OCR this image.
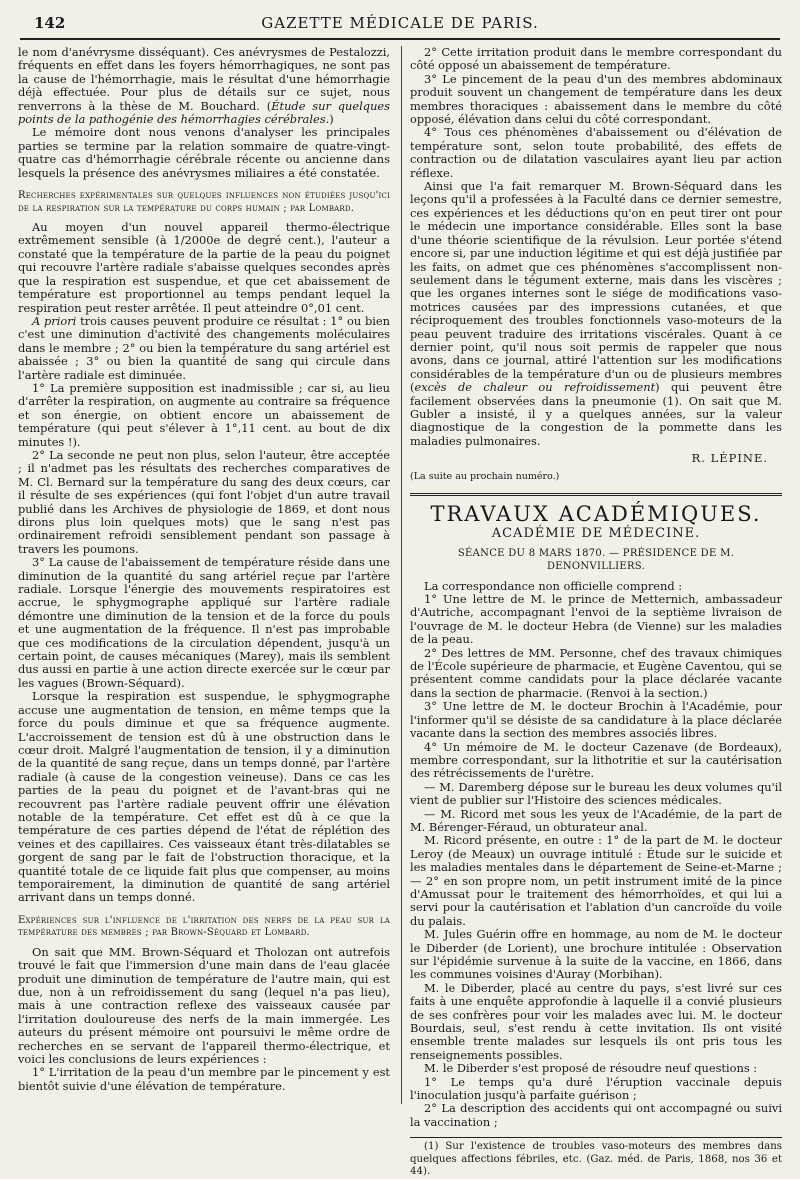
142	GAZETTE MÉDICALE DE PARIS.

le nom d'anévrysme disséquant). Ces anévrysmes de Pestalozzi, fréquents en effet dans les foyers hémorrhagiques, ne sont pas la cause de l'hémorrhagie, mais le résultat d'une hémorrhagie déjà effectuée. Pour plus de détails sur ce sujet, nous renverrons à la thèse de M. Bouchard. (Étude sur quelques points de la pathogénie des hémorrhagies cérébrales.)

Le mémoire dont nous venons d'analyser les principales parties se termine par la relation sommaire de quatre-vingt-quatre cas d'hémorrhagie cérébrale récente ou ancienne dans lesquels la présence des anévrysmes miliaires a été constatée.

Recherches expérimentales sur quelques influences non étudiées jusqu'ici de la respiration sur la température du corps humain ; par Lombard.

Au moyen d'un nouvel appareil thermo-électrique extrêmement sensible (à 1/2000e de degré cent.), l'auteur a constaté que la température de la partie de la peau du poignet qui recouvre l'artère radiale s'abaisse quelques secondes après que la respiration est suspendue, et que cet abaissement de température est proportionnel au temps pendant lequel la respiration peut rester arrêtée. Il peut atteindre 0°,01 cent.

A priori trois causes peuvent produire ce résultat : 1° ou bien c'est une diminution d'activité des changements moléculaires dans le membre ; 2° ou bien la température du sang artériel est abaissée ; 3° ou bien la quantité de sang qui circule dans l'artère radiale est diminuée.

1° La première supposition est inadmissible ; car si, au lieu d'arrêter la respiration, on augmente au contraire sa fréquence et son énergie, on obtient encore un abaissement de température (qui peut s'élever à 1°,11 cent. au bout de dix minutes !).

2° La seconde ne peut non plus, selon l'auteur, être acceptée ; il n'admet pas les résultats des recherches comparatives de M. Cl. Bernard sur la température du sang des deux cœurs, car il résulte de ses expériences (qui font l'objet d'un autre travail publié dans les Archives de physiologie de 1869, et dont nous dirons plus loin quelques mots) que le sang n'est pas ordinairement refroidi sensiblement pendant son passage à travers les poumons.

3° La cause de l'abaissement de température réside dans une diminution de la quantité du sang artériel reçue par l'artère radiale. Lorsque l'énergie des mouvements respiratoires est accrue, le sphygmographe appliqué sur l'artère radiale démontre une diminution de la tension et de la force du pouls et une augmentation de la fréquence. Il n'est pas improbable que ces modifications de la circulation dépendent, jusqu'à un certain point, de causes mécaniques (Marey), mais ils semblent dus aussi en partie à une action directe exercée sur le cœur par les vagues (Brown-Séquard).

Lorsque la respiration est suspendue, le sphygmographe accuse une augmentation de tension, en même temps que la force du pouls diminue et que sa fréquence augmente. L'accroissement de tension est dû à une obstruction dans le cœur droit. Malgré l'augmentation de tension, il y a diminution de la quantité de sang reçue, dans un temps donné, par l'artère radiale (à cause de la congestion veineuse). Dans ce cas les parties de la peau du poignet et de l'avant-bras qui ne recouvrent pas l'artère radiale peuvent offrir une élévation notable de la température. Cet effet est dû à ce que la température de ces parties dépend de l'état de réplétion des veines et des capillaires. Ces vaisseaux étant très-dilatables se gorgent de sang par le fait de l'obstruction thoracique, et la quantité totale de ce liquide fait plus que compenser, au moins temporairement, la diminution de quantité de sang artériel arrivant dans un temps donné.

Expériences sur l'influence de l'irritation des nerfs de la peau sur la température des membres ; par Brown-Séquard et Lombard.

On sait que MM. Brown-Séquard et Tholozan ont autrefois trouvé le fait que l'immersion d'une main dans de l'eau glacée produit une diminution de température de l'autre main, qui est due, non à un refroidissement du sang (lequel n'a pas lieu), mais à une contraction reflexe des vaisseaux causée par l'irritation douloureuse des nerfs de la main immergée. Les auteurs du présent mémoire ont poursuivi le même ordre de recherches en se servant de l'appareil thermo-électrique, et voici les conclusions de leurs expériences :

1° L'irritation de la peau d'un membre par le pincement y est bientôt suivie d'une élévation de température.

2° Cette irritation produit dans le membre correspondant du côté opposé un abaissement de température.

3° Le pincement de la peau d'un des membres abdominaux produit souvent un changement de température dans les deux membres thoraciques : abaissement dans le membre du côté opposé, élévation dans celui du côté correspondant.

4° Tous ces phénomènes d'abaissement ou d'élévation de température sont, selon toute probabilité, des effets de contraction ou de dilatation vasculaires ayant lieu par action réflexe.

Ainsi que l'a fait remarquer M. Brown-Séquard dans les leçons qu'il a professées à la Faculté dans ce dernier semestre, ces expériences et les déductions qu'on en peut tirer ont pour le médecin une importance considérable. Elles sont la base d'une théorie scientifique de la révulsion. Leur portée s'étend encore si, par une induction légitime et qui est déjà justifiée par les faits, on admet que ces phénomènes s'accomplissent non-seulement dans le tégument externe, mais dans les viscères ; que les organes internes sont le siége de modifications vaso-motrices causées par des impressions cutanées, et que réciproquement des troubles fonctionnels vaso-moteurs de la peau peuvent traduire des irritations viscérales. Quant à ce dernier point, qu'il nous soit permis de rappeler que nous avons, dans ce journal, attiré l'attention sur les modifications considérables de la température d'un ou de plusieurs membres (excès de chaleur ou refroidissement) qui peuvent être facilement observées dans la pneumonie (1). On sait que M. Gubler a insisté, il y a quelques années, sur la valeur diagnostique de la congestion de la pommette dans les maladies pulmonaires.

R. LÉPINE.

(La suite au prochain numéro.)

TRAVAUX ACADÉMIQUES.

ACADÉMIE DE MÉDECINE.

SÉANCE DU 8 MARS 1870. — PRÉSIDENCE DE M. DENONVILLIERS.

La correspondance non officielle comprend :

1° Une lettre de M. le prince de Metternich, ambassadeur d'Autriche, accompagnant l'envoi de la septième livraison de l'ouvrage de M. le docteur Hebra (de Vienne) sur les maladies de la peau.

2° Des lettres de MM. Personne, chef des travaux chimiques de l'École supérieure de pharmacie, et Eugène Caventou, qui se présentent comme candidats pour la place déclarée vacante dans la section de pharmacie. (Renvoi à la section.)

3° Une lettre de M. le docteur Brochin à l'Académie, pour l'informer qu'il se désiste de sa candidature à la place déclarée vacante dans la section des membres associés libres.

4° Un mémoire de M. le docteur Cazenave (de Bordeaux), membre correspondant, sur la lithotritie et sur la cautérisation des rétrécissements de l'urètre.

— M. Daremberg dépose sur le bureau les deux volumes qu'il vient de publier sur l'Histoire des sciences médicales.

— M. Ricord met sous les yeux de l'Académie, de la part de M. Bérenger-Féraud, un obturateur anal.

M. Ricord présente, en outre : 1° de la part de M. le docteur Leroy (de Meaux) un ouvrage intitulé : Étude sur le suicide et les maladies mentales dans le département de Seine-et-Marne ; — 2° en son propre nom, un petit instrument imité de la pince d'Amussat pour le traitement des hémorrhoïdes, et qui lui a servi pour la cautérisation et l'ablation d'un cancroïde du voile du palais.

M. Jules Guérin offre en hommage, au nom de M. le docteur le Diberder (de Lorient), une brochure intitulée : Observation sur l'épidémie survenue à la suite de la vaccine, en 1866, dans les communes voisines d'Auray (Morbihan).

M. le Diberder, placé au centre du pays, s'est livré sur ces faits à une enquête approfondie à laquelle il a convié plusieurs de ses confrères pour voir les malades avec lui. M. le docteur Bourdais, seul, s'est rendu à cette invitation. Ils ont visité ensemble trente malades sur lesquels ils ont pris tous les renseignements possibles.

M. le Diberder s'est proposé de résoudre neuf questions :

1° Le temps qu'a duré l'éruption vaccinale depuis l'inoculation jusqu'à parfaite guérison ;

2° La description des accidents qui ont accompagné ou suivi la vaccination ;

(1) Sur l'existence de troubles vaso-moteurs des membres dans quelques affections fébriles, etc. (Gaz. méd. de Paris, 1868, nos 36 et 44).
